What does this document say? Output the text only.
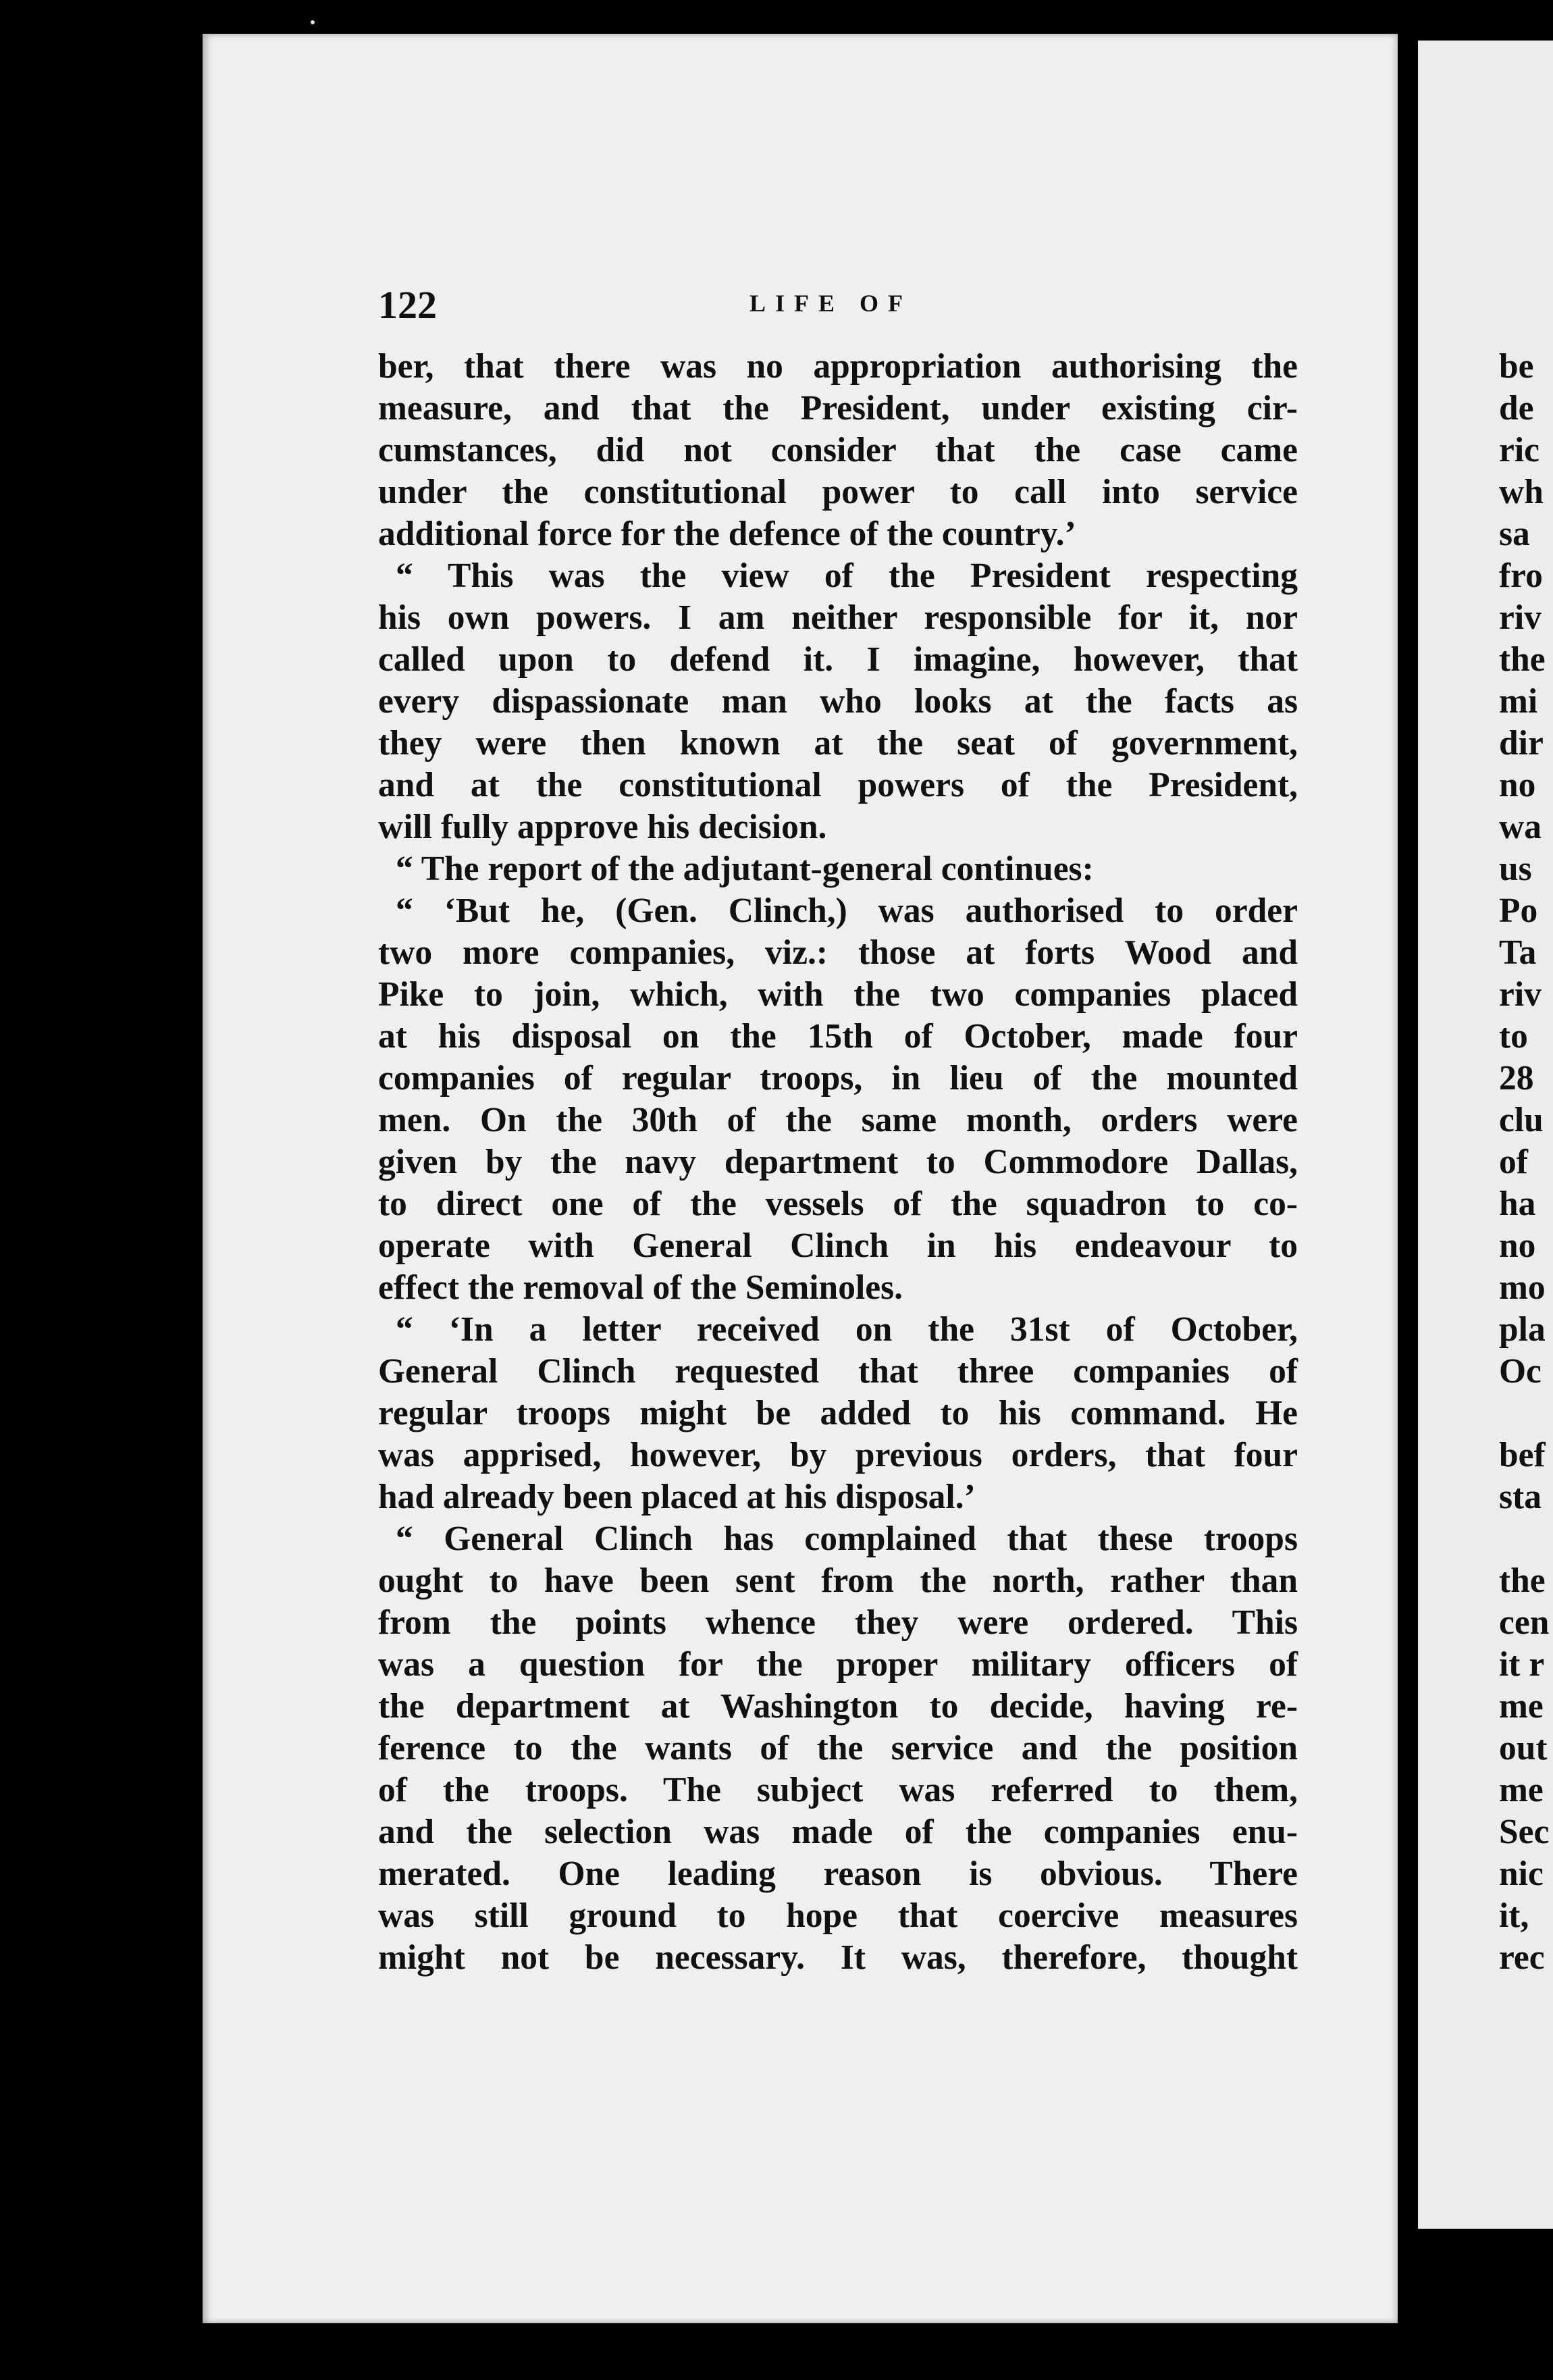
122	LIFE OF
ber, that there was no appropriation authorising the
measure, and that the President, under existing cir-
cumstances, did not consider that the case came
under the constitutional power to call into service
additional force for the defence of the country.’
“ This was the view of the President respecting
his own powers. I am neither responsible for it, nor
called upon to defend it. I imagine, however, that
every dispassionate man who looks at the facts as
they were then known at the seat of government,
and at the constitutional powers of the President,
will fully approve his decision.
“ The report of the adjutant-general continues:
“ ‘But he, (Gen. Clinch,) was authorised to order
two more companies, viz.: those at forts Wood and
Pike to join, which, with the two companies placed
at his disposal on the 15th of October, made four
companies of regular troops, in lieu of the mounted
men. On the 30th of the same month, orders were
given by the navy department to Commodore Dallas,
to direct one of the vessels of the squadron to co-
operate with General Clinch in his endeavour to
effect the removal of the Seminoles.
“ ‘In a letter received on the 31st of October,
General Clinch requested that three companies of
regular troops might be added to his command. He
was apprised, however, by previous orders, that four
had already been placed at his disposal.’
“ General Clinch has complained that these troops
ought to have been sent from the north, rather than
from the points whence they were ordered. This
was a question for the proper military officers of
the department at Washington to decide, having re-
ference to the wants of the service and the position
of the troops. The subject was referred to them,
and the selection was made of the companies enu-
merated. One leading reason is obvious. There
was still ground to hope that coercive measures
might not be necessary. It was, therefore, thought
be
de
ric
wh
sa
fro
riv
the
mi
dir
no
wa
us
Po
Ta
riv
to
28
clu
of
ha
no
mo
pla
Oc
bef
sta
the
cen
it r
me
out
me
Sec
nic
it,
rec
